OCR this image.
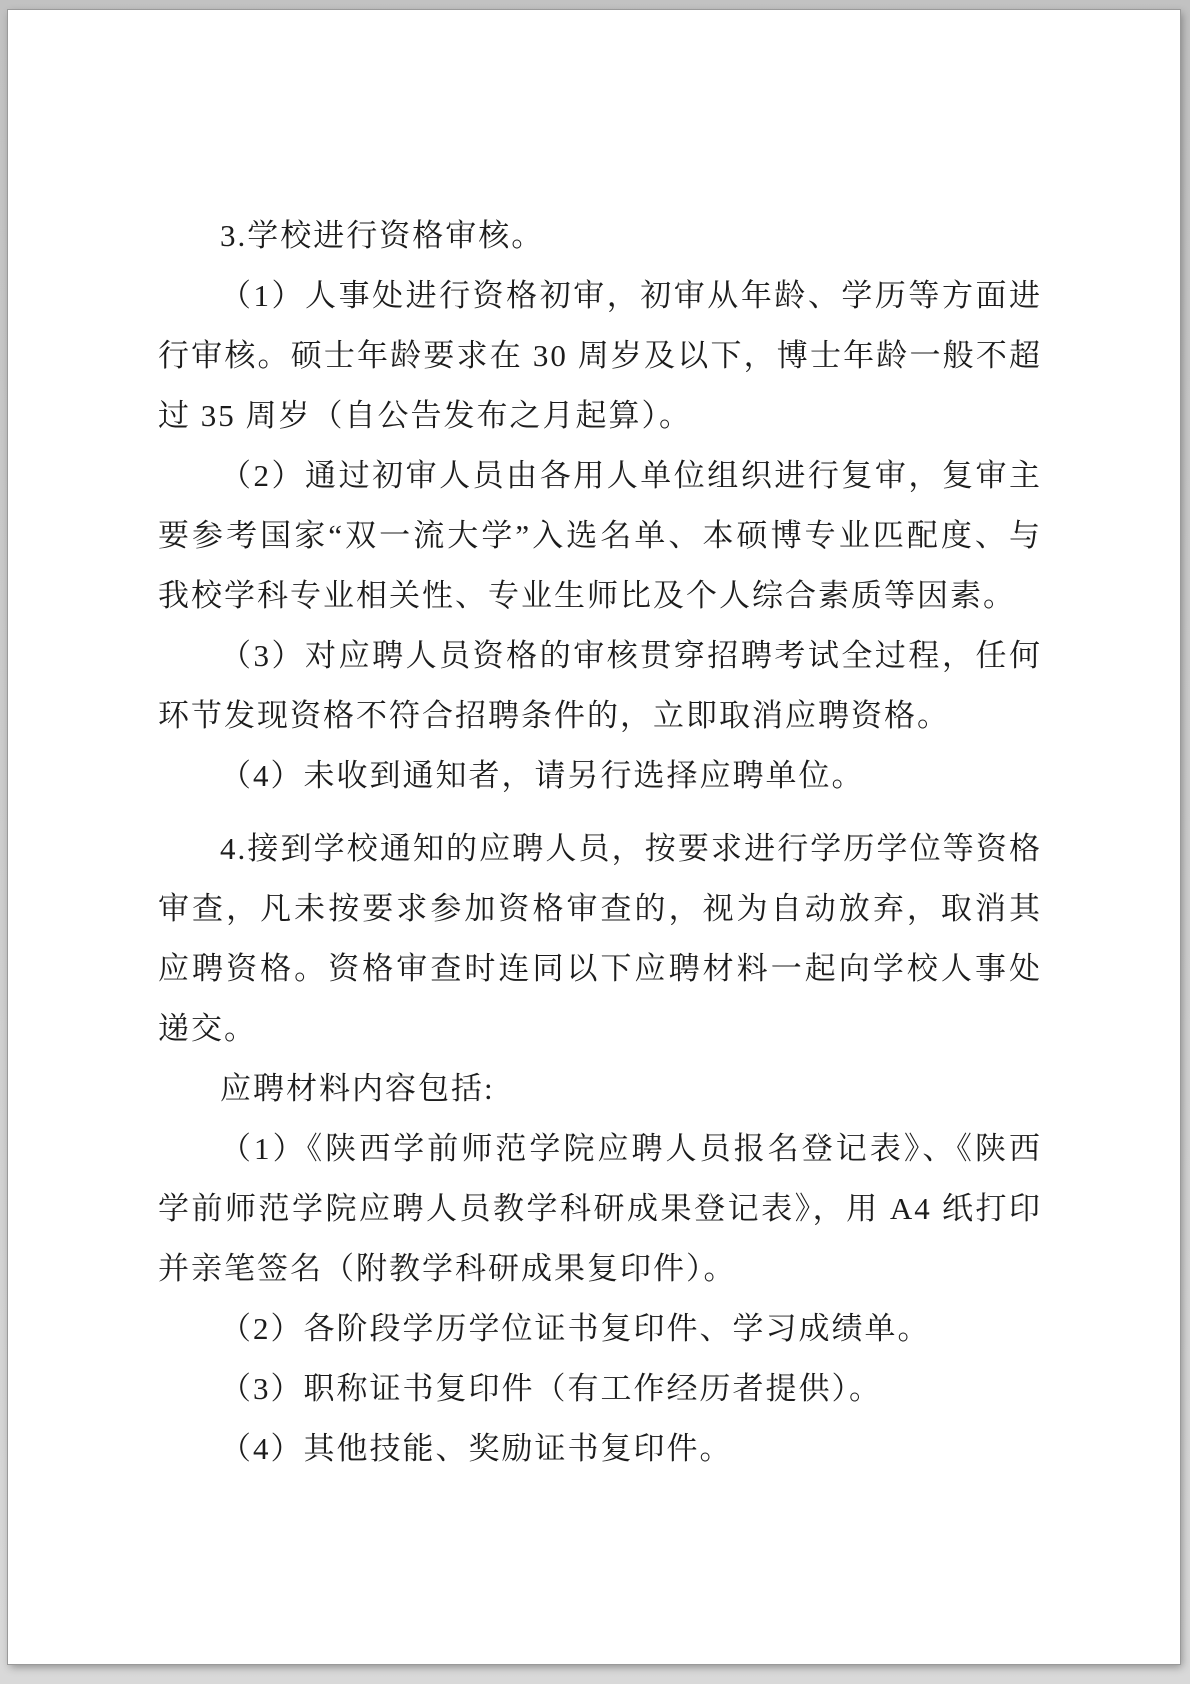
3.学校进行资格审核。

（1）人事处进行资格初审，初审从年龄、学历等方面进行审核。硕士年龄要求在 30 周岁及以下，博士年龄一般不超过 35 周岁（自公告发布之月起算）。

（2）通过初审人员由各用人单位组织进行复审，复审主要参考国家“双一流大学”入选名单、本硕博专业匹配度、与我校学科专业相关性、专业生师比及个人综合素质等因素。

（3）对应聘人员资格的审核贯穿招聘考试全过程，任何环节发现资格不符合招聘条件的，立即取消应聘资格。

（4）未收到通知者，请另行选择应聘单位。

4.接到学校通知的应聘人员，按要求进行学历学位等资格审查，凡未按要求参加资格审查的，视为自动放弃，取消其应聘资格。资格审查时连同以下应聘材料一起向学校人事处递交。

应聘材料内容包括:

（1）《陕西学前师范学院应聘人员报名登记表》、《陕西学前师范学院应聘人员教学科研成果登记表》，用 A4 纸打印并亲笔签名（附教学科研成果复印件）。

（2）各阶段学历学位证书复印件、学习成绩单。

（3）职称证书复印件（有工作经历者提供）。

（4）其他技能、奖励证书复印件。
